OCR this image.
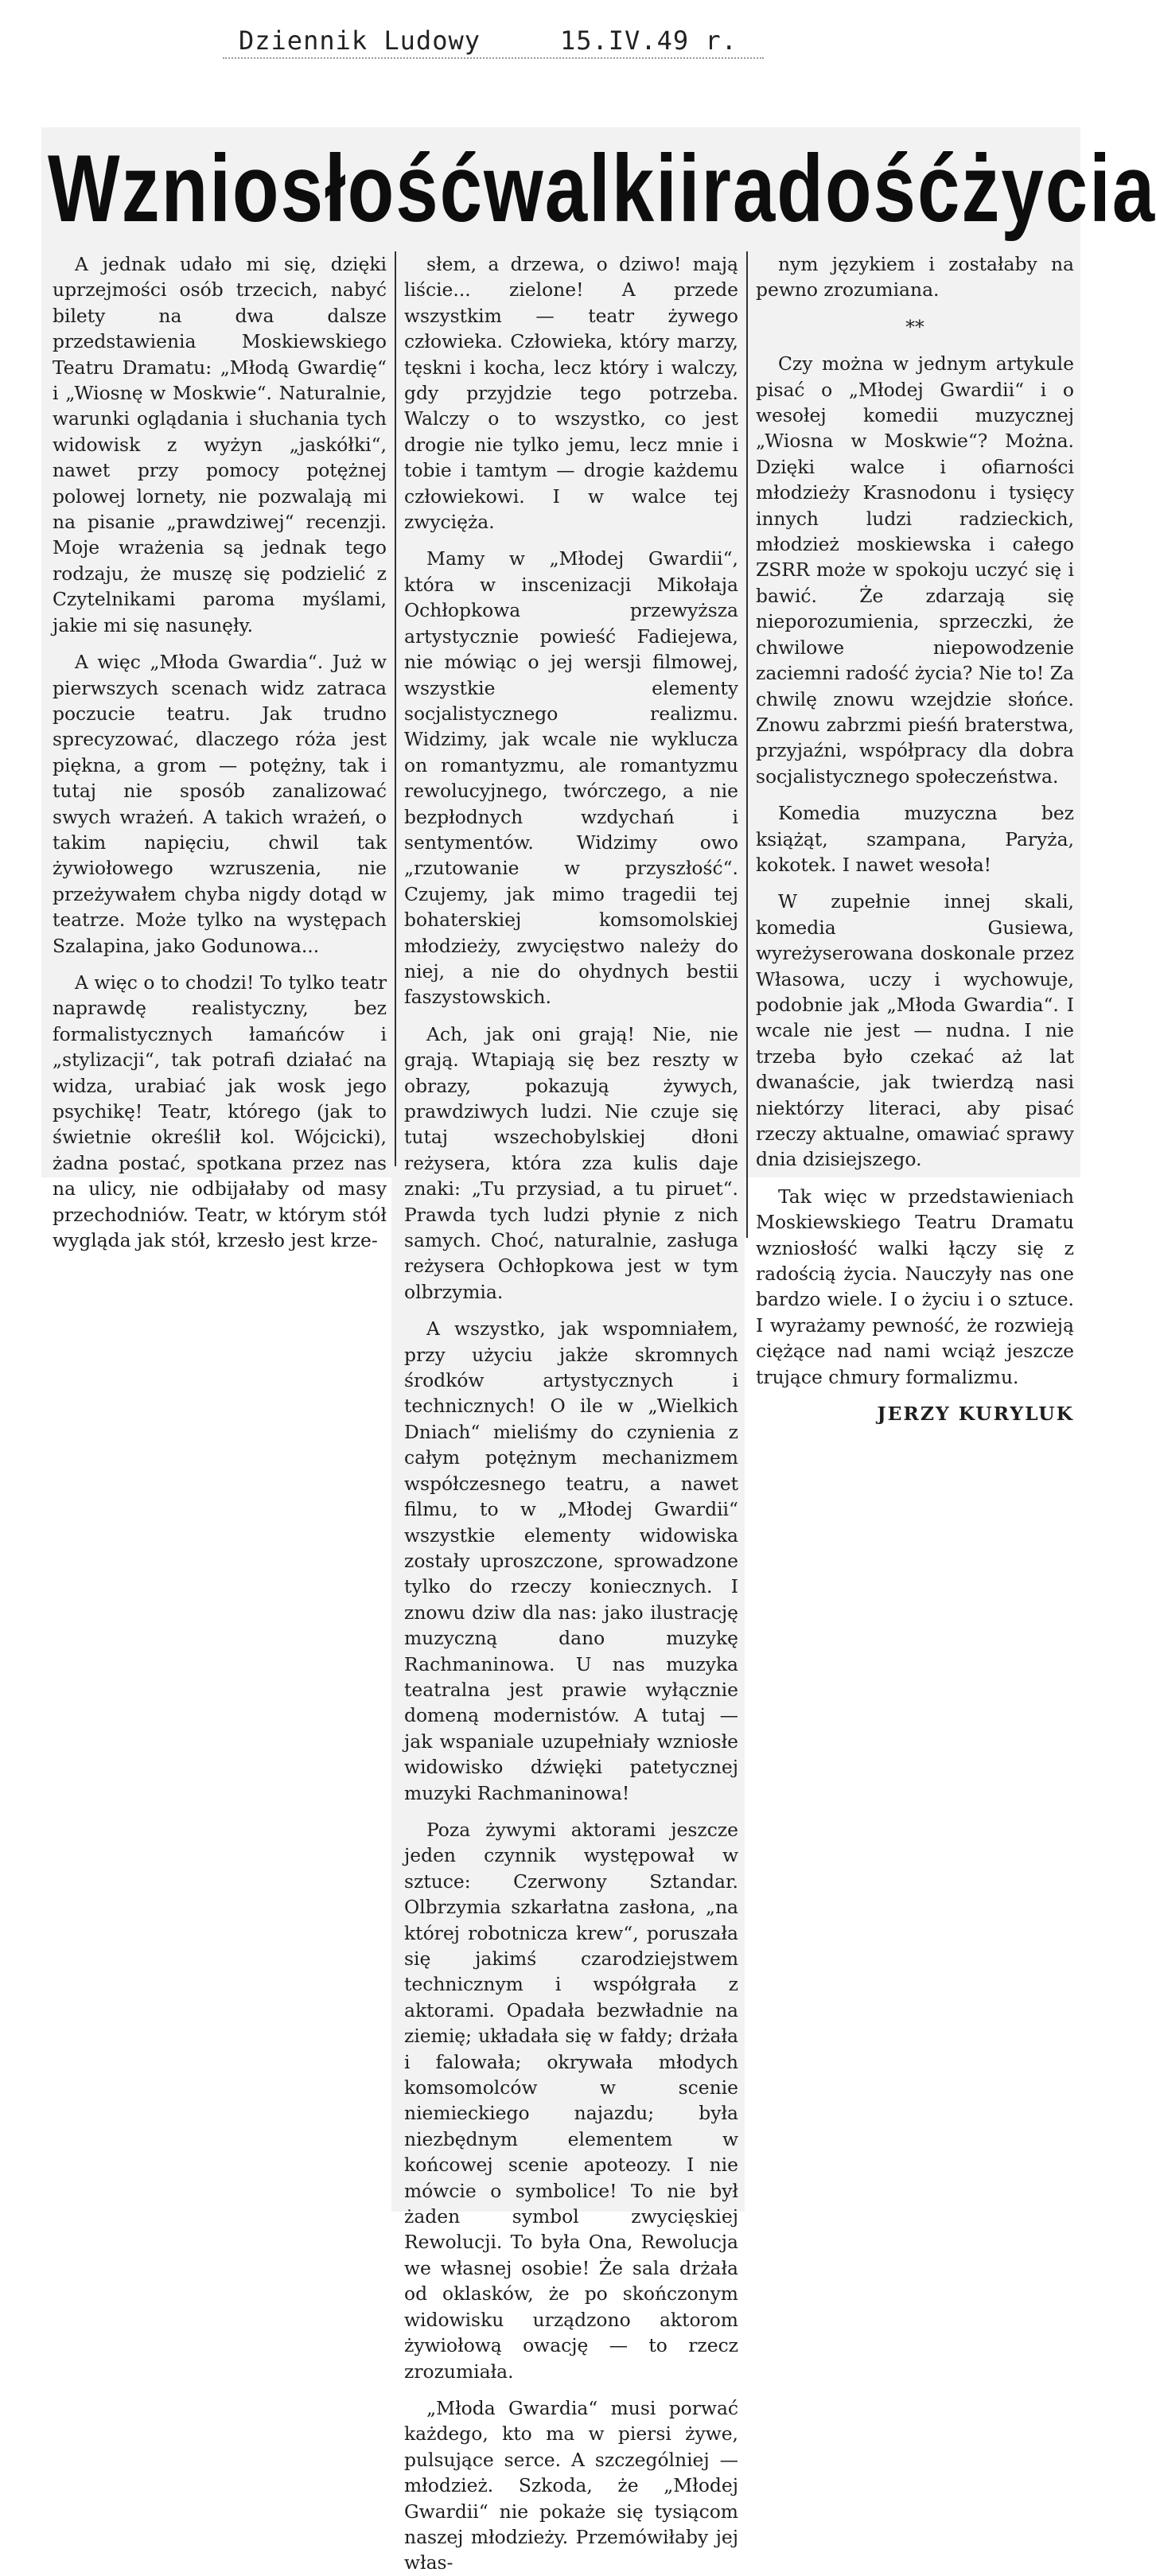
Dziennik Ludowy	15.IV.49 r.
Wzniosłość walki i radość życia

A jednak udało mi się, dzięki uprzejmości osób trzecich, nabyć bilety na dwa dalsze przedstawienia Moskiewskiego Teatru Dramatu: „Młodą Gwardię“ i „Wiosnę w Moskwie“. Naturalnie, warunki oglądania i słuchania tych widowisk z wyżyn „jaskółki“, nawet przy pomocy potężnej polowej lornety, nie pozwalają mi na pisanie „prawdziwej“ recenzji. Moje wrażenia są jednak tego rodzaju, że muszę się podzielić z Czytelnikami paroma myślami, jakie mi się nasunęły.

A więc „Młoda Gwardia“. Już w pierwszych scenach widz zatraca poczucie teatru. Jak trudno sprecyzować, dlaczego róża jest piękna, a grom — potężny, tak i tutaj nie sposób zanalizować swych wrażeń. A takich wrażeń, o takim napięciu, chwil tak żywiołowego wzruszenia, nie przeżywałem chyba nigdy dotąd w teatrze. Może tylko na występach Szalapina, jako Godunowa...

A więc o to chodzi! To tylko teatr naprawdę realistyczny, bez formalistycznych łamańców i „stylizacji“, tak potrafi działać na widza, urabiać jak wosk jego psychikę! Teatr, którego (jak to świetnie określił kol. Wójcicki), żadna postać, spotkana przez nas na ulicy, nie odbijałaby od masy przechodniów. Teatr, w którym stół wygląda jak stół, krzesło jest krze-

słem, a drzewa, o dziwo! mają liście... zielone! A przede wszystkim — teatr żywego człowieka. Człowieka, który marzy, tęskni i kocha, lecz który i walczy, gdy przyjdzie tego potrzeba. Walczy o to wszystko, co jest drogie nie tylko jemu, lecz mnie i tobie i tamtym — drogie każdemu człowiekowi. I w walce tej zwycięża.

Mamy w „Młodej Gwardii“, która w inscenizacji Mikołaja Ochłopkowa przewyższa artystycznie powieść Fadiejewa, nie mówiąc o jej wersji filmowej, wszystkie elementy socjalistycznego realizmu. Widzimy, jak wcale nie wyklucza on romantyzmu, ale romantyzmu rewolucyjnego, twórczego, a nie bezpłodnych wzdychań i sentymentów. Widzimy owo „rzutowanie w przyszłość“. Czujemy, jak mimo tragedii tej bohaterskiej komsomolskiej młodzieży, zwycięstwo należy do niej, a nie do ohydnych bestii faszystowskich.

Ach, jak oni grają! Nie, nie grają. Wtapiają się bez reszty w obrazy, pokazują żywych, prawdziwych ludzi. Nie czuje się tutaj wszechobylskiej dłoni reżysera, która zza kulis daje znaki: „Tu przysiad, a tu piruet“. Prawda tych ludzi płynie z nich samych. Choć, naturalnie, zasługa reżysera Ochłopkowa jest w tym olbrzymia.

A wszystko, jak wspomniałem, przy użyciu jakże skromnych środków artystycznych i technicznych! O ile w „Wielkich Dniach“ mieliśmy do czynienia z całym potężnym mechanizmem współczesnego teatru, a nawet filmu, to w „Młodej Gwardii“ wszystkie elementy widowiska zostały uproszczone, sprowadzone tylko do rzeczy koniecznych. I znowu dziw dla nas: jako ilustrację muzyczną dano muzykę Rachmaninowa. U nas muzyka teatralna jest prawie wyłącznie domeną modernistów. A tutaj — jak wspaniale uzupełniały wzniosłe widowisko dźwięki patetycznej muzyki Rachmaninowa!

Poza żywymi aktorami jeszcze jeden czynnik występował w sztuce: Czerwony Sztandar. Olbrzymia szkarłatna zasłona, „na której robotnicza krew“, poruszała się jakimś czarodziejstwem technicznym i współgrała z aktorami. Opadała bezwładnie na ziemię; układała się w fałdy; drżała i falowała; okrywała młodych komsomolców w scenie niemieckiego najazdu; była niezbędnym elementem w końcowej scenie apoteozy. I nie mówcie o symbolice! To nie był żaden symbol zwycięskiej Rewolucji. To była Ona, Rewolucja we własnej osobie! Że sala drżała od oklasków, że po skończonym widowisku urządzono aktorom żywiołową owację — to rzecz zrozumiała.

„Młoda Gwardia“ musi porwać każdego, kto ma w piersi żywe, pulsujące serce. A szczególniej — młodzież. Szkoda, że „Młodej Gwardii“ nie pokaże się tysiącom naszej młodzieży. Przemówiłaby jej włas-

nym językiem i zostałaby na pewno zrozumiana.

**

Czy można w jednym artykule pisać o „Młodej Gwardii“ i o wesołej komedii muzycznej „Wiosna w Moskwie“? Można. Dzięki walce i ofiarności młodzieży Krasnodonu i tysięcy innych ludzi radzieckich, młodzież moskiewska i całego ZSRR może w spokoju uczyć się i bawić. Że zdarzają się nieporozumienia, sprzeczki, że chwilowe niepowodzenie zaciemni radość życia? Nie to! Za chwilę znowu wzejdzie słońce. Znowu zabrzmi pieśń braterstwa, przyjaźni, współpracy dla dobra socjalistycznego społeczeństwa.

Komedia muzyczna bez książąt, szampana, Paryża, kokotek. I nawet wesoła!

W zupełnie innej skali, komedia Gusiewa, wyreżyserowana doskonale przez Własowa, uczy i wychowuje, podobnie jak „Młoda Gwardia“. I wcale nie jest — nudna. I nie trzeba było czekać aż lat dwanaście, jak twierdzą nasi niektórzy literaci, aby pisać rzeczy aktualne, omawiać sprawy dnia dzisiejszego.

Tak więc w przedstawieniach Moskiewskiego Teatru Dramatu wzniosłość walki łączy się z radością życia. Nauczyły nas one bardzo wiele. I o życiu i o sztuce. I wyrażamy pewność, że rozwieją ciężące nad nami wciąż jeszcze trujące chmury formalizmu.

JERZY KURYLUK
